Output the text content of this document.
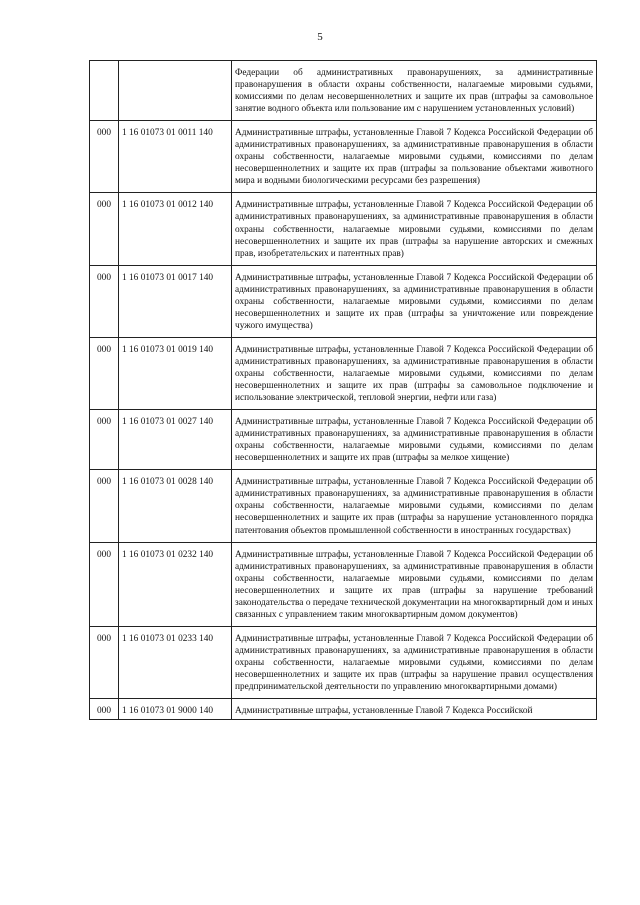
5
		Федерации об административных правонарушениях, за административные правонарушения в области охраны собственности, налагаемые мировыми судьями, комиссиями по делам несовершеннолетних и защите их прав (штрафы за самовольное занятие водного объекта или пользование им с нарушением установленных условий)
000	1 16 01073 01 0011 140	Административные штрафы, установленные Главой 7 Кодекса Российской Федерации об административных правонарушениях, за административные правонарушения в области охраны собственности, налагаемые мировыми судьями, комиссиями по делам несовершеннолетних и защите их прав (штрафы за пользование объектами животного мира и водными биологическими ресурсами без разрешения)
000	1 16 01073 01 0012 140	Административные штрафы, установленные Главой 7 Кодекса Российской Федерации об административных правонарушениях, за административные правонарушения в области охраны собственности, налагаемые мировыми судьями, комиссиями по делам несовершеннолетних и защите их прав (штрафы за нарушение авторских и смежных прав, изобретательских и патентных прав)
000	1 16 01073 01 0017 140	Административные штрафы, установленные Главой 7 Кодекса Российской Федерации об административных правонарушениях, за административные правонарушения в области охраны собственности, налагаемые мировыми судьями, комиссиями по делам несовершеннолетних и защите их прав (штрафы за уничтожение или повреждение чужого имущества)
000	1 16 01073 01 0019 140	Административные штрафы, установленные Главой 7 Кодекса Российской Федерации об административных правонарушениях, за административные правонарушения в области охраны собственности, налагаемые мировыми судьями, комиссиями по делам несовершеннолетних и защите их прав (штрафы за самовольное подключение и использование электрической, тепловой энергии, нефти или газа)
000	1 16 01073 01 0027 140	Административные штрафы, установленные Главой 7 Кодекса Российской Федерации об административных правонарушениях, за административные правонарушения в области охраны собственности, налагаемые мировыми судьями, комиссиями по делам несовершеннолетних и защите их прав (штрафы за мелкое хищение)
000	1 16 01073 01 0028 140	Административные штрафы, установленные Главой 7 Кодекса Российской Федерации об административных правонарушениях, за административные правонарушения в области охраны собственности, налагаемые мировыми судьями, комиссиями по делам несовершеннолетних и защите их прав (штрафы за нарушение установленного порядка патентования объектов промышленной собственности в иностранных государствах)
000	1 16 01073 01 0232 140	Административные штрафы, установленные Главой 7 Кодекса Российской Федерации об административных правонарушениях, за административные правонарушения в области охраны собственности, налагаемые мировыми судьями, комиссиями по делам несовершеннолетних и защите их прав (штрафы за нарушение требований законодательства о передаче технической документации на многоквартирный дом и иных связанных с управлением таким многоквартирным домом документов)
000	1 16 01073 01 0233 140	Административные штрафы, установленные Главой 7 Кодекса Российской Федерации об административных правонарушениях, за административные правонарушения в области охраны собственности, налагаемые мировыми судьями, комиссиями по делам несовершеннолетних и защите их прав (штрафы за нарушение правил осуществления предпринимательской деятельности по управлению многоквартирными домами)
000	1 16 01073 01 9000 140	Административные штрафы, установленные Главой 7 Кодекса Российской
